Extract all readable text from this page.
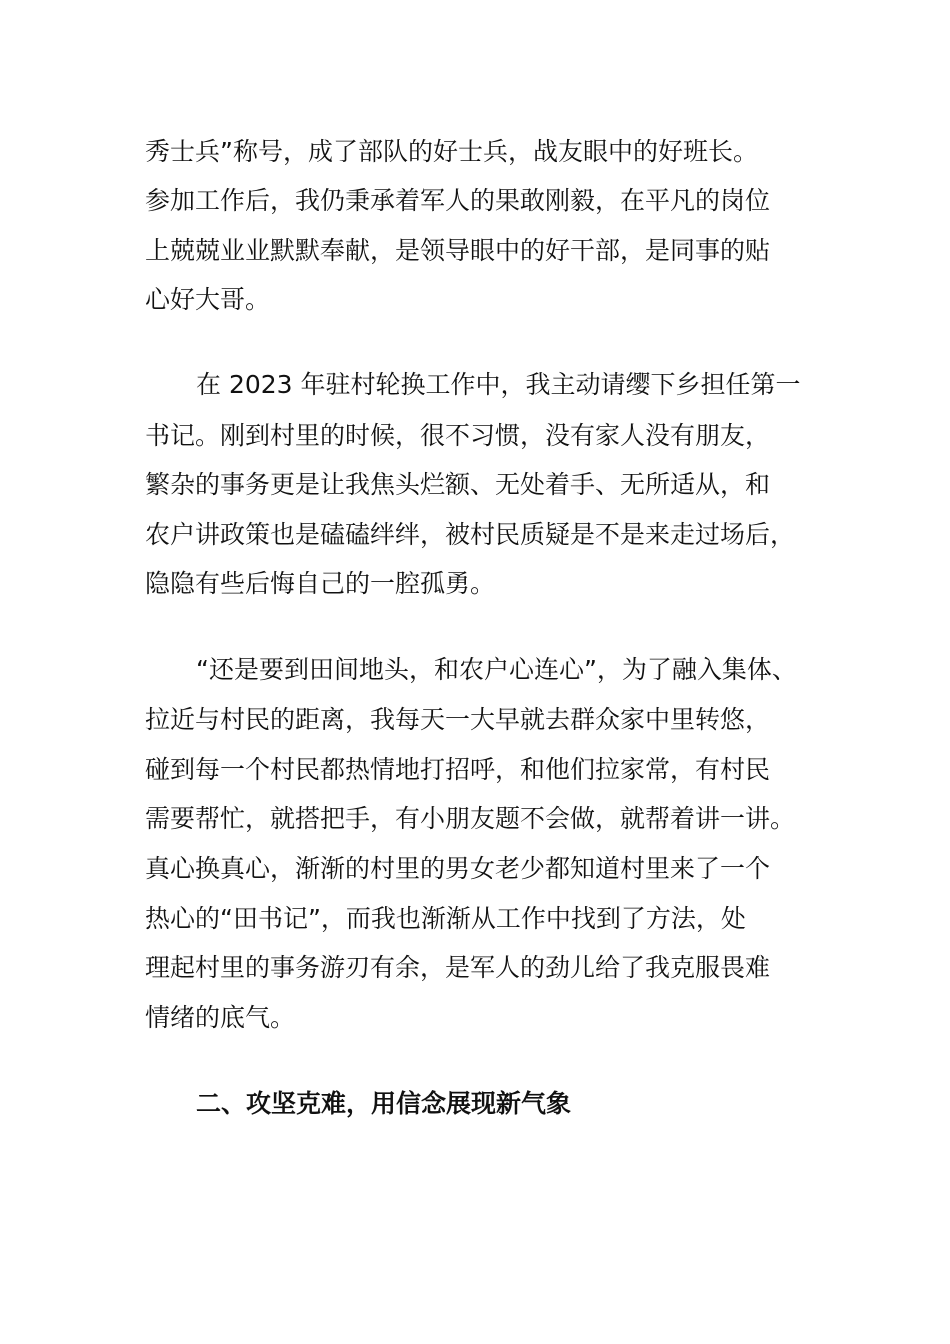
秀士兵”称号，成了部队的好士兵，战友眼中的好班长。
参加工作后，我仍秉承着军人的果敢刚毅，在平凡的岗位
上兢兢业业默默奉献，是领导眼中的好干部，是同事的贴
心好大哥。
在 2023 年驻村轮换工作中，我主动请缨下乡担任第一
书记。刚到村里的时候，很不习惯，没有家人没有朋友，
繁杂的事务更是让我焦头烂额、无处着手、无所适从，和
农户讲政策也是磕磕绊绊，被村民质疑是不是来走过场后，
隐隐有些后悔自己的一腔孤勇。
“还是要到田间地头，和农户心连心”，为了融入集体、
拉近与村民的距离，我每天一大早就去群众家中里转悠，
碰到每一个村民都热情地打招呼，和他们拉家常，有村民
需要帮忙，就搭把手，有小朋友题不会做，就帮着讲一讲。
真心换真心，渐渐的村里的男女老少都知道村里来了一个
热心的“田书记”，而我也渐渐从工作中找到了方法，处
理起村里的事务游刃有余，是军人的劲儿给了我克服畏难
情绪的底气。
二、攻坚克难，用信念展现新气象
